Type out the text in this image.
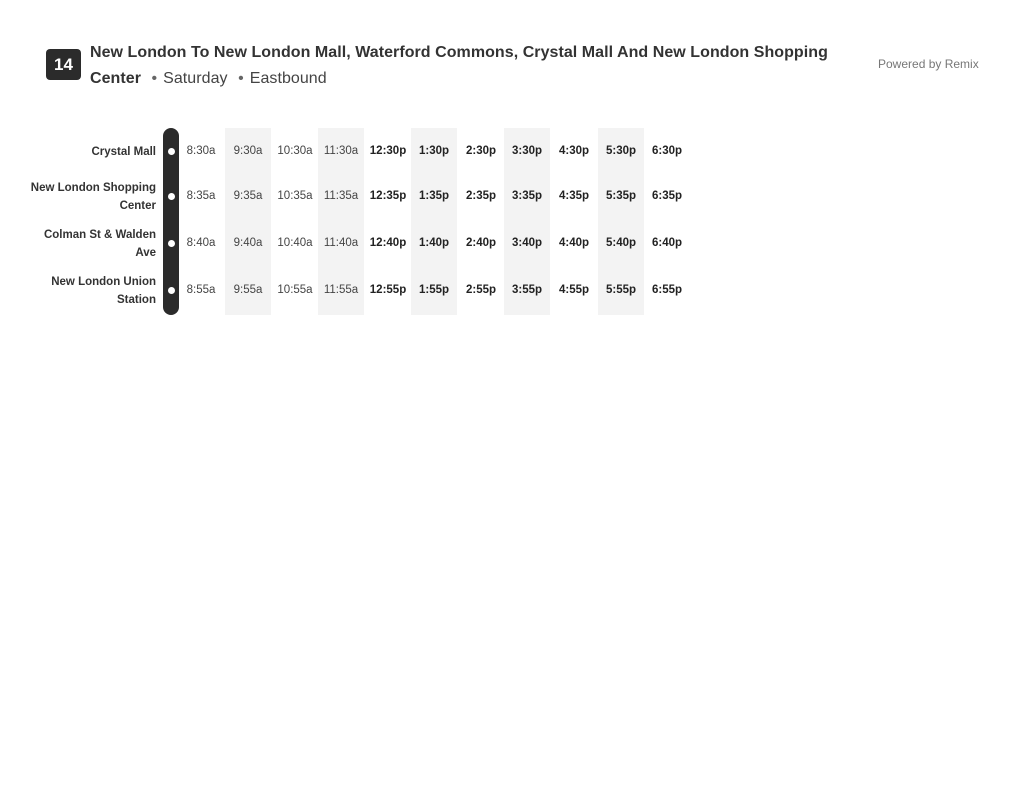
14
New London To New London Mall, Waterford Commons, Crystal Mall And New London Shopping Center • Saturday • Eastbound
Powered by Remix
Crystal Mall	8:30a	9:30a	10:30a 11:30a	12:30p	1:30p	2:30p	3:30p	4:30p	5:30p	6:30p
New London Shopping Center
8:35a	9:35a	10:35a 11:35a	12:35p	1:35p	2:35p	3:35p	4:35p	5:35p	6:35p
Colman St & Walden Ave
8:40a	9:40a	10:40a 11:40a	12:40p	1:40p	2:40p	3:40p	4:40p	5:40p	6:40p
New London Union Station
8:55a	9:55a	10:55a 11:55a	12:55p	1:55p	2:55p	3:55p	4:55p	5:55p	6:55p
